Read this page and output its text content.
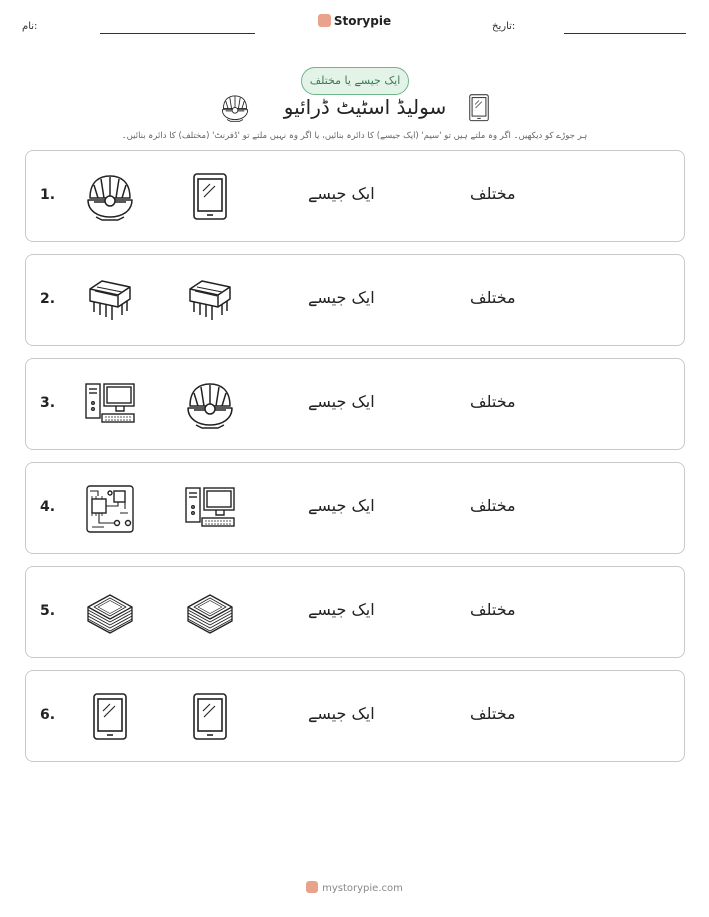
نام:	Storypie	تاریخ:
ایک جیسے یا مختلف
سولیڈ اسٹیٹ ڈرائیو
ہر جوڑے کو دیکھیں۔ اگر وہ ملتے ہیں تو 'سیم' (ایک جیسے) کا دائرہ بنائیں، یا اگر وہ نہیں ملتے تو 'ڈفرنٹ' (مختلف) کا دائرہ بنائیں۔
1.	ایک جیسے	مختلف
2.	ایک جیسے	مختلف
3.	ایک جیسے	مختلف
4.	ایک جیسے	مختلف
5.	ایک جیسے	مختلف
6.	ایک جیسے	مختلف
mystorypie.com
